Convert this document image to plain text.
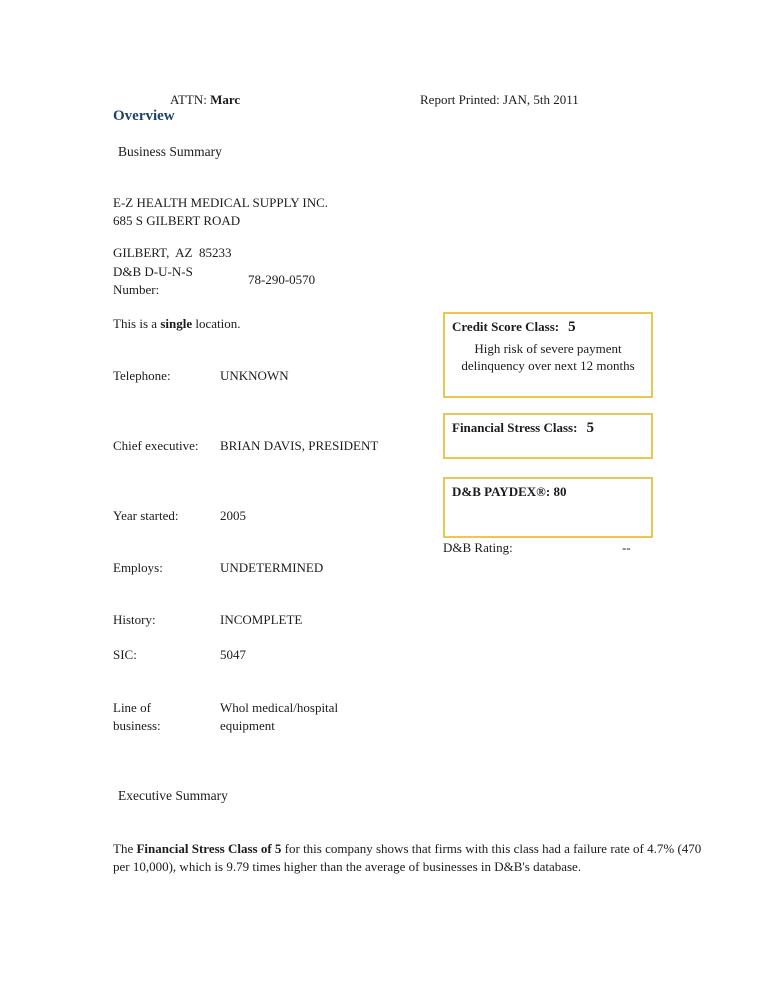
ATTN: Marc	Report Printed: JAN, 5th 2011
Overview
Business Summary
E-Z HEALTH MEDICAL SUPPLY INC.
685 S GILBERT ROAD
GILBERT,  AZ  85233
D&B D-U-N-S
Number:
78-290-0570
This is a single location.
Telephone:	UNKNOWN
Chief executive:	BRIAN DAVIS, PRESIDENT
Year started:	2005
Employs:	UNDETERMINED
History:	INCOMPLETE
SIC:	5047
Line of business:
Whol medical/hospital equipment
Credit Score Class: 5
High risk of severe payment delinquency over next 12 months
Financial Stress Class: 5
D&B PAYDEX®: 80
D&B Rating:	--
Executive Summary
The Financial Stress Class of 5 for this company shows that firms with this class had a failure rate of 4.7% (470 per 10,000), which is 9.79 times higher than the average of businesses in D&B's database.
